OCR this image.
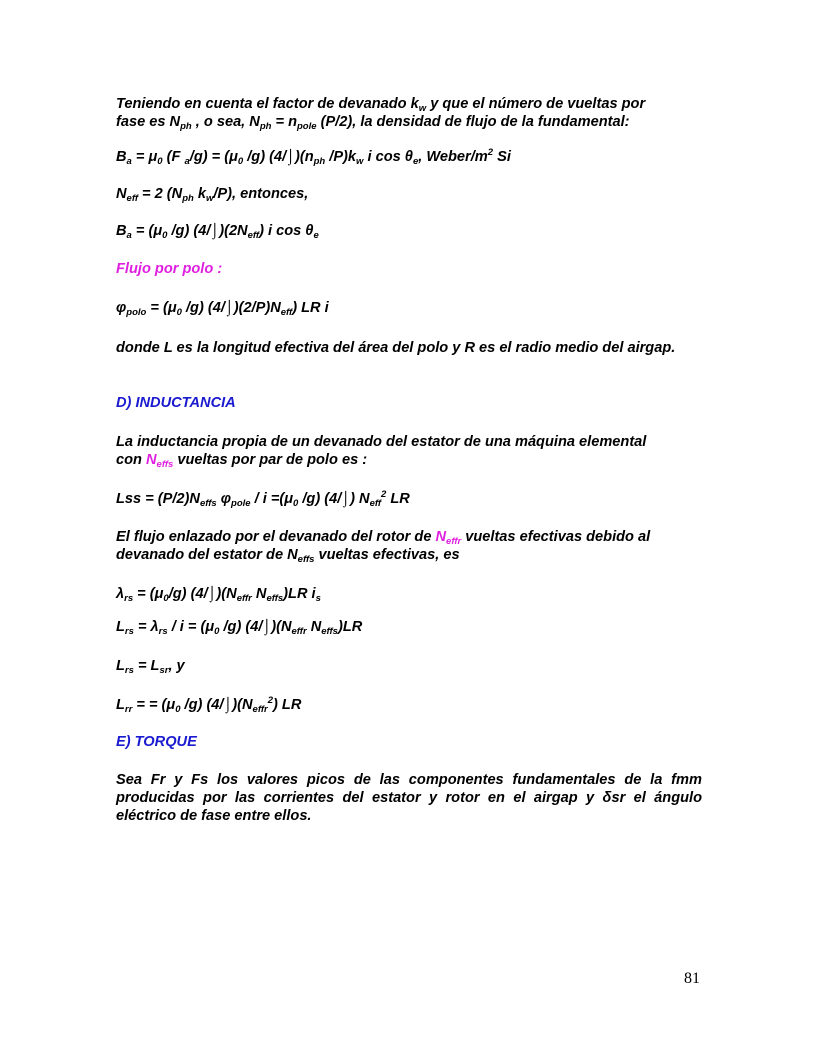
Teniendo en cuenta el factor de devanado $k_w$ y que el número de vueltas por
fase es $N_{ph}$ , o sea, $N_{ph} = n_{pole}$ (P/2), la densidad de flujo de la fundamental:
$B_a = \mu_0$ (F $_a/g) = (\mu_0$ /g) $(4/⌡)(n_{ph}$ $/P)k_w$ i $\cos \theta_e$, Weber/$m^2$ Si
$N_{eff} = 2$ ($N_{ph}$ $k_w/P$), entonces,
$B_a = (\mu_0$ /g) $(4/⌡)(2N_{eff})$ i $\cos \theta_e$
Flujo por polo :
$\varphi_{polo} = (\mu_0$ /g) $(4/⌡)(2/P)N_{eff}$) LR i
donde L es la longitud efectiva del área del polo y R es el radio medio del airgap.
D) INDUCTANCIA
La inductancia propia de un devanado del estator de una máquina elemental
con $N_{effs}$ vueltas por par de polo es :
Lss = $(P/2)N_{effs}$ $\varphi_{pole} / i =(\mu_0$ /g) (4/⌡) $N_{eff}^2$ LR
El flujo enlazado por el devanado del rotor de $N_{effr}$ vueltas efectivas debido al
devanado del estator de $N_{effs}$ vueltas efectivas, es
$\lambda_{rs} = (\mu_0/g)$ $(4/⌡)(N_{effr}$ $N_{effs})LR$ $i_s$
$L_{rs} = \lambda_{rs} / i = (\mu_0$ /g) $(4/⌡)(N_{effr}$ $N_{effs})LR$
$L_{rs} = L_{sr}$, y
$L_{rr}$ = = ($\mu_0$ /g) $(4/⌡)(N_{effr}^2)$ LR
E) TORQUE
Sea Fr y Fs los valores picos de las componentes fundamentales de la fmm producidas por las corrientes del estator y rotor en el airgap y δsr el ángulo eléctrico de fase entre ellos.
81
